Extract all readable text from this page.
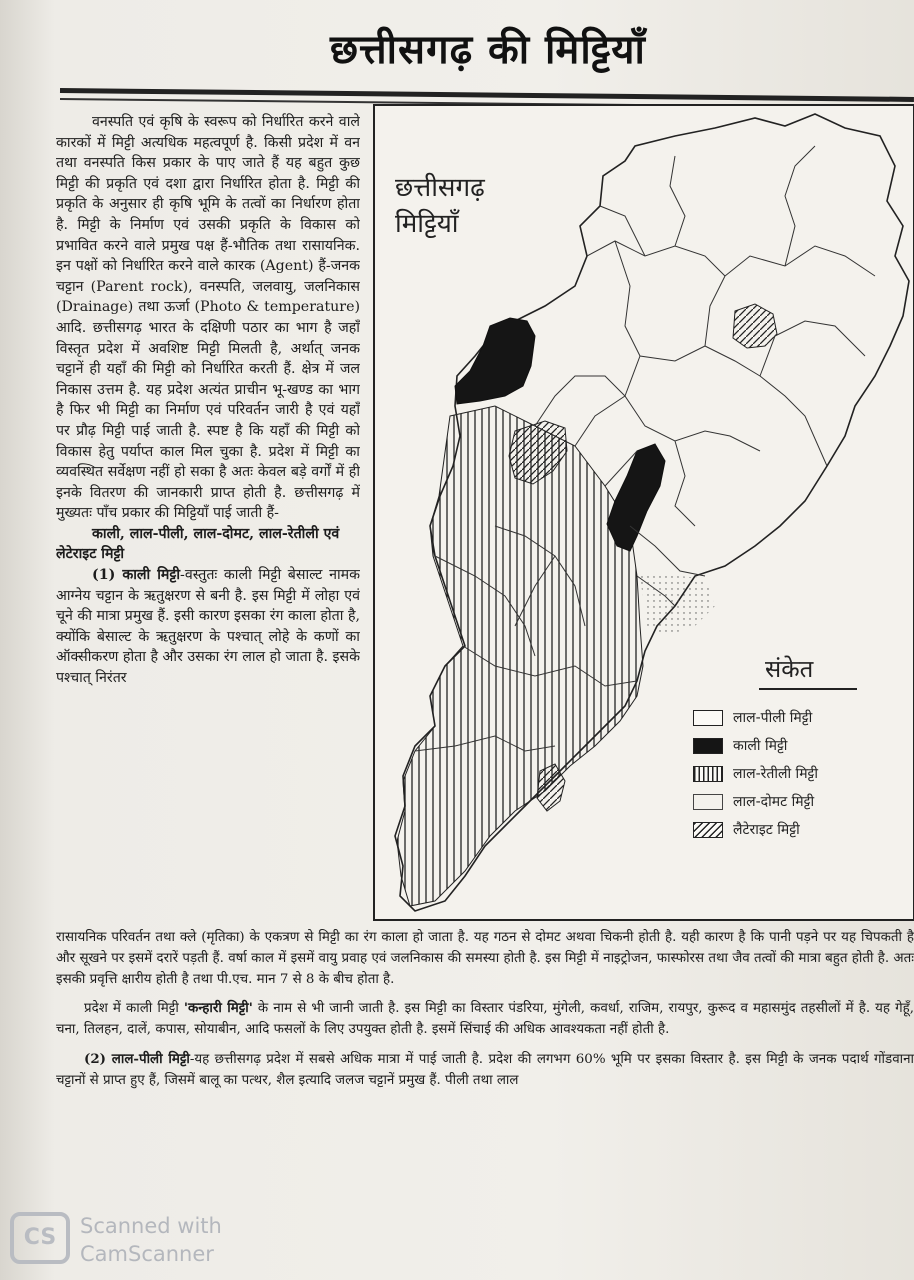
छत्तीसगढ़ की मिट्टियाँ

वनस्पति एवं कृषि के स्वरूप को निर्धारित करने वाले कारकों में मिट्टी अत्यधिक महत्वपूर्ण है. किसी प्रदेश में वन तथा वनस्पति किस प्रकार के पाए जाते हैं यह बहुत कुछ मिट्टी की प्रकृति एवं दशा द्वारा निर्धारित होता है. मिट्टी की प्रकृति के अनुसार ही कृषि भूमि के तत्वों का निर्धारण होता है. मिट्टी के निर्माण एवं उसकी प्रकृति के विकास को प्रभावित करने वाले प्रमुख पक्ष हैं-भौतिक तथा रासायनिक. इन पक्षों को निर्धारित करने वाले कारक (Agent) हैं-जनक चट्टान (Parent rock), वनस्पति, जलवायु, जलनिकास (Drainage) तथा ऊर्जा (Photo & temperature) आदि. छत्तीसगढ़ भारत के दक्षिणी पठार का भाग है जहाँ विस्तृत प्रदेश में अवशिष्ट मिट्टी मिलती है, अर्थात् जनक चट्टानें ही यहाँ की मिट्टी को निर्धारित करती हैं. क्षेत्र में जल निकास उत्तम है. यह प्रदेश अत्यंत प्राचीन भू-खण्ड का भाग है फिर भी मिट्टी का निर्माण एवं परिवर्तन जारी है एवं यहाँ पर प्रौढ़ मिट्टी पाई जाती है. स्पष्ट है कि यहाँ की मिट्टी को विकास हेतु पर्याप्त काल मिल चुका है. प्रदेश में मिट्टी का व्यवस्थित सर्वेक्षण नहीं हो सका है अतः केवल बड़े वर्गों में ही इनके वितरण की जानकारी प्राप्त होती है. छत्तीसगढ़ में मुख्यतः पाँच प्रकार की मिट्टियाँ पाई जाती हैं-

काली, लाल-पीली, लाल-दोमट, लाल-रेतीली एवं लेटेराइट मिट्टी

(1) काली मिट्टी-वस्तुतः काली मिट्टी बेसाल्ट नामक आग्नेय चट्टान के ऋतुक्षरण से बनी है. इस मिट्टी में लोहा एवं चूने की मात्रा प्रमुख हैं. इसी कारण इसका रंग काला होता है, क्योंकि बेसाल्ट के ऋतुक्षरण के पश्चात् लोहे के कणों का ऑक्सीकरण होता है और उसका रंग लाल हो जाता है. इसके पश्चात् निरंतर

छत्तीसगढ़
मिट्टियाँ
संकेत
लाल-पीली मिट्टी
काली मिट्टी
लाल-रेतीली मिट्टी
लाल-दोमट मिट्टी
लैटेराइट मिट्टी

रासायनिक परिवर्तन तथा क्ले (मृतिका) के एकत्रण से मिट्टी का रंग काला हो जाता है. यह गठन से दोमट अथवा चिकनी होती है. यही कारण है कि पानी पड़ने पर यह चिपकती है और सूखने पर इसमें दरारें पड़ती हैं. वर्षा काल में इसमें वायु प्रवाह एवं जलनिकास की समस्या होती है. इस मिट्टी में नाइट्रोजन, फास्फोरस तथा जैव तत्वों की मात्रा बहुत होती है. अतः इसकी प्रवृत्ति क्षारीय होती है तथा पी.एच. मान 7 से 8 के बीच होता है.

प्रदेश में काली मिट्टी 'कन्हारी मिट्टी' के नाम से भी जानी जाती है. इस मिट्टी का विस्तार पंडरिया, मुंगेली, कवर्धा, राजिम, रायपुर, कुरूद व महासमुंद तहसीलों में है. यह गेहूँ, चना, तिलहन, दालें, कपास, सोयाबीन, आदि फसलों के लिए उपयुक्त होती है. इसमें सिंचाई की अधिक आवश्यकता नहीं होती है.

(2) लाल-पीली मिट्टी-यह छत्तीसगढ़ प्रदेश में सबसे अधिक मात्रा में पाई जाती है. प्रदेश की लगभग 60% भूमि पर इसका विस्तार है. इस मिट्टी के जनक पदार्थ गोंडवाना चट्टानों से प्राप्त हुए हैं, जिसमें बालू का पत्थर, शैल इत्यादि जलज चट्टानें प्रमुख हैं. पीली तथा लाल

CS	Scanned with
CamScanner
